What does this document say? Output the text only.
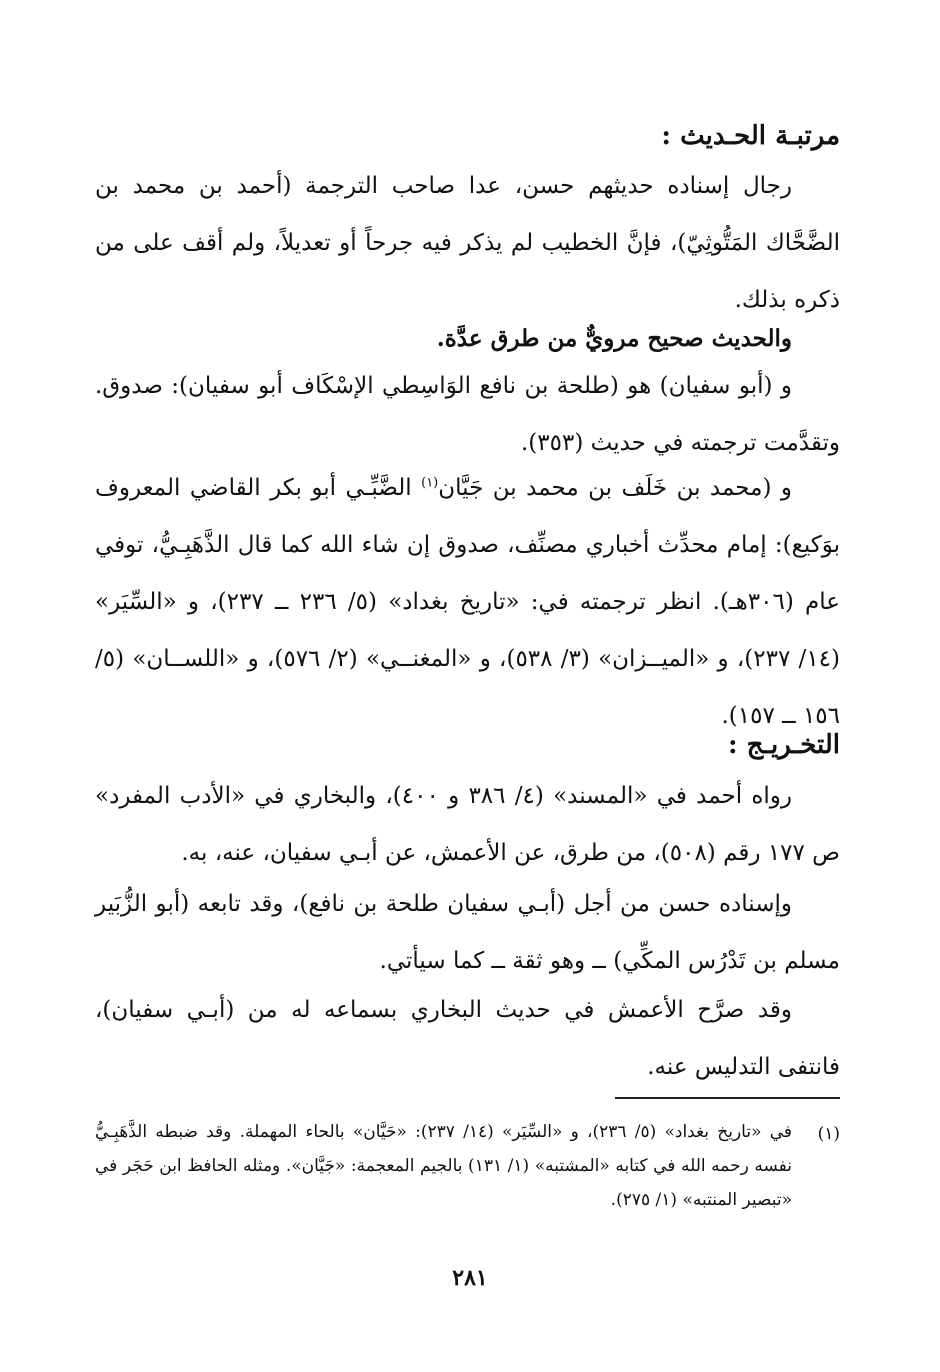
مرتبـة الحـديث :
رجال إسناده حديثهم حسن، عدا صاحب الترجمة (أحمد بن محمد بن الضَّحَّاك المَتُّوثِيّ)، فإنَّ الخطيب لم يذكر فيه جرحاً أو تعديلاً، ولم أقف على من ذكره بذلك.
والحديث صحيح مرويٌّ من طرق عدَّة.
و (أبو سفيان) هو (طلحة بن نافع الوَاسِطي الإسْكَاف أبو سفيان): صدوق. وتقدَّمت ترجمته في حديث (٣٥٣).
و (محمد بن خَلَف بن محمد بن جَيَّان$^{(١)}$ الضَّبِّـي أبو بكر القاضي المعروف بوَكيع): إمام محدِّث أخباري مصنِّف، صدوق إن شاء الله كما قال الذَّهَبِـيُّ، توفي عام (٣٠٦هـ). انظر ترجمته في: «تاريخ بغداد» (٥/ ٢٣٦ ــ ٢٣٧)، و «السِّيَر» (١٤/ ٢٣٧)، و «الميــزان» (٣/ ٥٣٨)، و «المغنــي» (٢/ ٥٧٦)، و «اللســان» (٥/ ١٥٦ ــ ١٥٧).
التخـريـج :
رواه أحمد في «المسند» (٤/ ٣٨٦ و ٤٠٠)، والبخاري في «الأدب المفرد» ص ١٧٧ رقم (٥٠٨)، من طرق، عن الأعمش، عن أبـي سفيان، عنه، به.
وإسناده حسن من أجل (أبـي سفيان طلحة بن نافع)، وقد تابعه (أبو الزُّبَير مسلم بن تَدْرُس المكِّي) ــ وهو ثقة ــ كما سيأتي.
وقد صرَّح الأعمش في حديث البخاري بسماعه له من (أبـي سفيان)، فانتفى التدليس عنه.
(١)
في «تاريخ بغداد» (٥/ ٢٣٦)، و «السِّيَر» (١٤/ ٢٣٧): «حَيَّان» بالحاء المهملة. وقد ضبطه الذَّهَبِـيُّ نفسه رحمه الله في كتابه «المشتبه» (١/ ١٣١) بالجيم المعجمة: «جَيَّان». ومثله الحافظ ابن حَجَر في «تبصير المنتبه» (١/ ٢٧٥).
٢٨١
